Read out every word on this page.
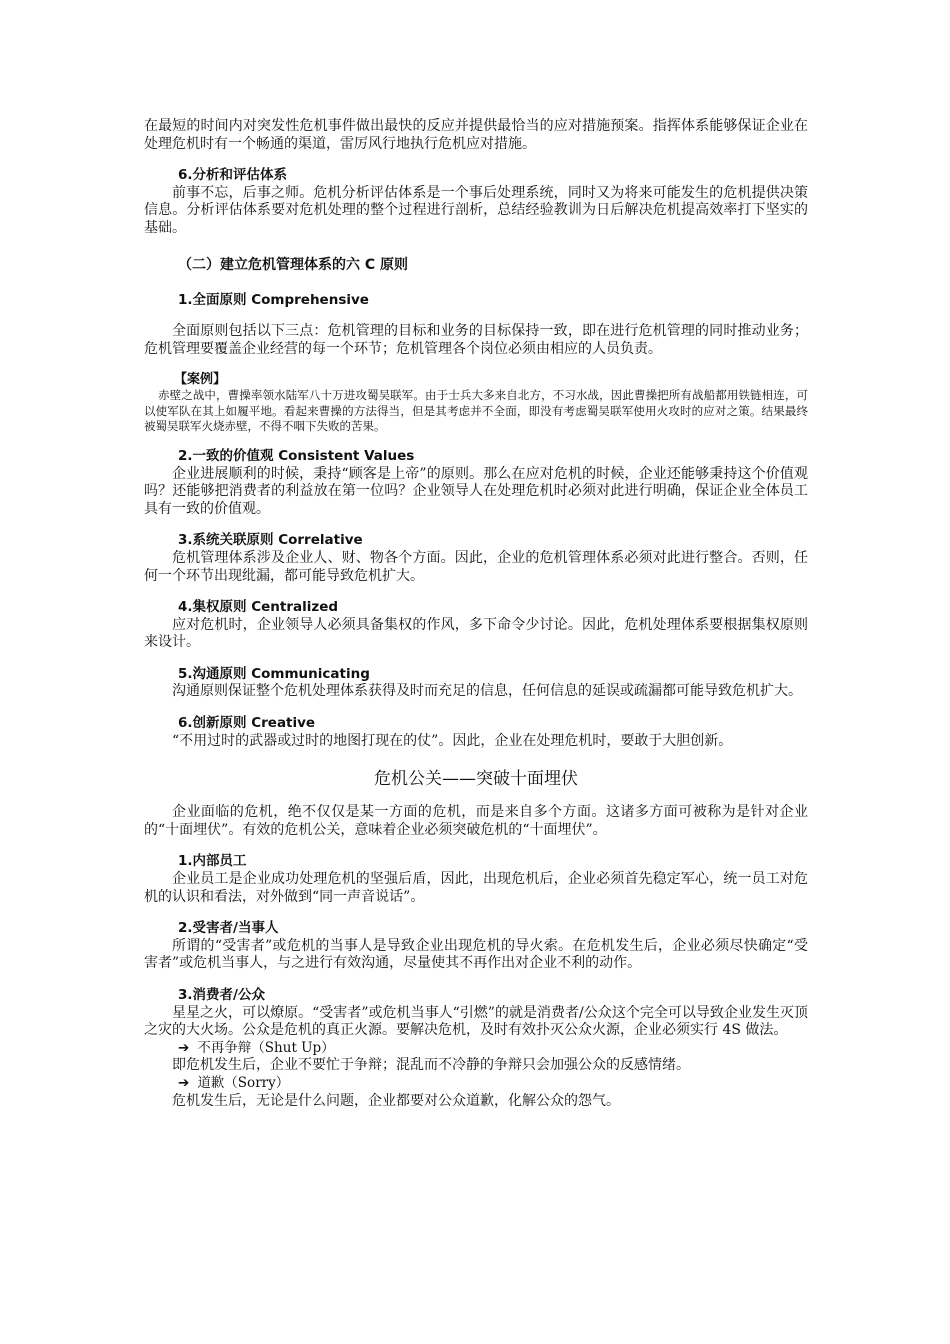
在最短的时间内对突发性危机事件做出最快的反应并提供最恰当的应对措施预案。指挥体系能够保证企业在处理危机时有一个畅通的渠道，雷厉风行地执行危机应对措施。

6.分析和评估体系

前事不忘，后事之师。危机分析评估体系是一个事后处理系统，同时又为将来可能发生的危机提供决策信息。分析评估体系要对危机处理的整个过程进行剖析，总结经验教训为日后解决危机提高效率打下坚实的基础。

（二）建立危机管理体系的六 C 原则

1.全面原则 Comprehensive

全面原则包括以下三点：危机管理的目标和业务的目标保持一致，即在进行危机管理的同时推动业务；危机管理要覆盖企业经营的每一个环节；危机管理各个岗位必须由相应的人员负责。

【案例】

赤壁之战中，曹操率领水陆军八十万进攻蜀吴联军。由于士兵大多来自北方，不习水战，因此曹操把所有战船都用铁链相连，可以使军队在其上如履平地。看起来曹操的方法得当，但是其考虑并不全面，即没有考虑蜀吴联军使用火攻时的应对之策。结果最终被蜀吴联军火烧赤壁，不得不咽下失败的苦果。

2.一致的价值观 Consistent Values

企业进展顺利的时候，秉持“顾客是上帝”的原则。那么在应对危机的时候，企业还能够秉持这个价值观吗？还能够把消费者的利益放在第一位吗？企业领导人在处理危机时必须对此进行明确，保证企业全体员工具有一致的价值观。

3.系统关联原则 Correlative

危机管理体系涉及企业人、财、物各个方面。因此，企业的危机管理体系必须对此进行整合。否则，任何一个环节出现纰漏，都可能导致危机扩大。

4.集权原则 Centralized

应对危机时，企业领导人必须具备集权的作风，多下命令少讨论。因此，危机处理体系要根据集权原则来设计。

5.沟通原则 Communicating

沟通原则保证整个危机处理体系获得及时而充足的信息，任何信息的延误或疏漏都可能导致危机扩大。

6.创新原则 Creative

“不用过时的武器或过时的地图打现在的仗”。因此，企业在处理危机时，要敢于大胆创新。

危机公关——突破十面埋伏

企业面临的危机，绝不仅仅是某一方面的危机，而是来自多个方面。这诸多方面可被称为是针对企业的“十面埋伏”。有效的危机公关，意味着企业必须突破危机的“十面埋伏”。

1.内部员工

企业员工是企业成功处理危机的坚强后盾，因此，出现危机后，企业必须首先稳定军心，统一员工对危机的认识和看法，对外做到“同一声音说话”。

2.受害者/当事人

所谓的“受害者”或危机的当事人是导致企业出现危机的导火索。在危机发生后，企业必须尽快确定“受害者”或危机当事人，与之进行有效沟通，尽量使其不再作出对企业不利的动作。

3.消费者/公众

星星之火，可以燎原。“受害者”或危机当事人“引燃”的就是消费者/公众这个完全可以导致企业发生灭顶之灾的大火场。公众是危机的真正火源。要解决危机，及时有效扑灭公众火源，企业必须实行 4S 做法。

➔ 不再争辩（Shut Up）

即危机发生后，企业不要忙于争辩；混乱而不冷静的争辩只会加强公众的反感情绪。

➔ 道歉（Sorry）

危机发生后，无论是什么问题，企业都要对公众道歉，化解公众的怨气。
